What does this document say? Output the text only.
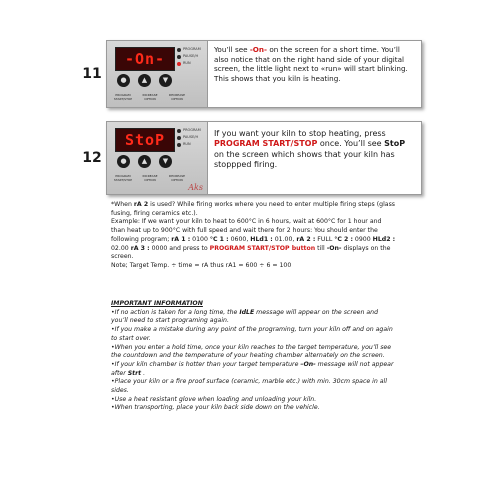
11
-On-
PROGRAM
PAUSE/H
RUN
●	▲	▼
PROGRAM START/STOP
INCREASE OPTION
DECREASE OPTION
You’ll see -On- on the screen for a short time. You’ll also notice that on the right hand side of your digital screen, the little light next to «run» will start blinking. This shows that you kiln is heating.
12
StoP
PROGRAM
PAUSE/H
RUN
●	▲	▼
PROGRAM START/STOP
INCREASE OPTION
DECREASE OPTION
Aks
If you want your kiln to stop heating, press PROGRAM START/STOP once. You’ll see StoP on the screen which shows that your kiln has stoppped firing.

*When rA 2 is used? While firing works where you need to enter multiple firing steps (glass fusing, firing ceramics etc.).

Example: If we want your kiln to heat to 600°C in 6 hours, wait at 600°C for 1 hour and than heat up to 900°C with full speed and wait there for 2 hours: You should enter the following program; rA 1 : 0100 °C 1 : 0600, HLd1 : 01.00, rA 2 : FULL °C 2 : 0900 HLd2 : 02.00 rA 3 : 0000 and press to PROGRAM START/STOP button till -On- displays on the screen.

Note; Target Temp. ÷ time = rA thus rA1 = 600 ÷ 6 = 100

IMPORTANT INFORMATION

•If no action is taken for a long time, the IdLE message will appear on the screen and you’ll need to start programing again.
•If you make a mistake during any point of the programing, turn your kiln off and on again to start over.
•When you enter a hold time, once your kiln reaches to the target temperature, you’ll see the countdown and the temperature of your heating chamber alternately on the screen.
•If your kiln chamber is hotter than your target temperature –On- message will not appear after Strt .
•Place your kiln or a fire proof surface (ceramic, marble etc.) with min. 30cm space in all sides.
•Use a heat resistant glove when loading and unloading your kiln.
•When transporting, place your kiln back side down on the vehicle.
